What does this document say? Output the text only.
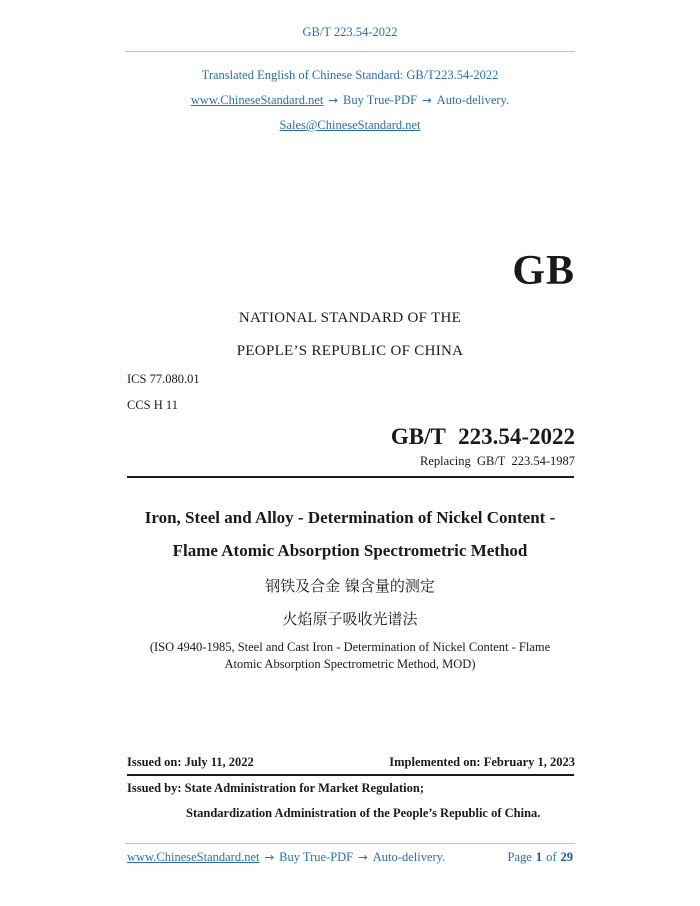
GB/T 223.54-2022
Translated English of Chinese Standard: GB/T223.54-2022
www.ChineseStandard.net → Buy True-PDF → Auto-delivery.
Sales@ChineseStandard.net
GB
NATIONAL STANDARD OF THE
PEOPLE’S REPUBLIC OF CHINA
ICS 77.080.01
CCS H 11
GB/T 223.54-2022
Replacing GB/T 223.54-1987
Iron, Steel and Alloy - Determination of Nickel Content -
Flame Atomic Absorption Spectrometric Method
钢铁及合金 镍含量的测定
火焰原子吸收光谱法
(ISO 4940-1985, Steel and Cast Iron - Determination of Nickel Content - Flame
Atomic Absorption Spectrometric Method, MOD)
Issued on: July 11, 2022	Implemented on: February 1, 2023
Issued by: State Administration for Market Regulation;
Standardization Administration of the People’s Republic of China.
www.ChineseStandard.net → Buy True-PDF → Auto-delivery.	Page 1 of 29
